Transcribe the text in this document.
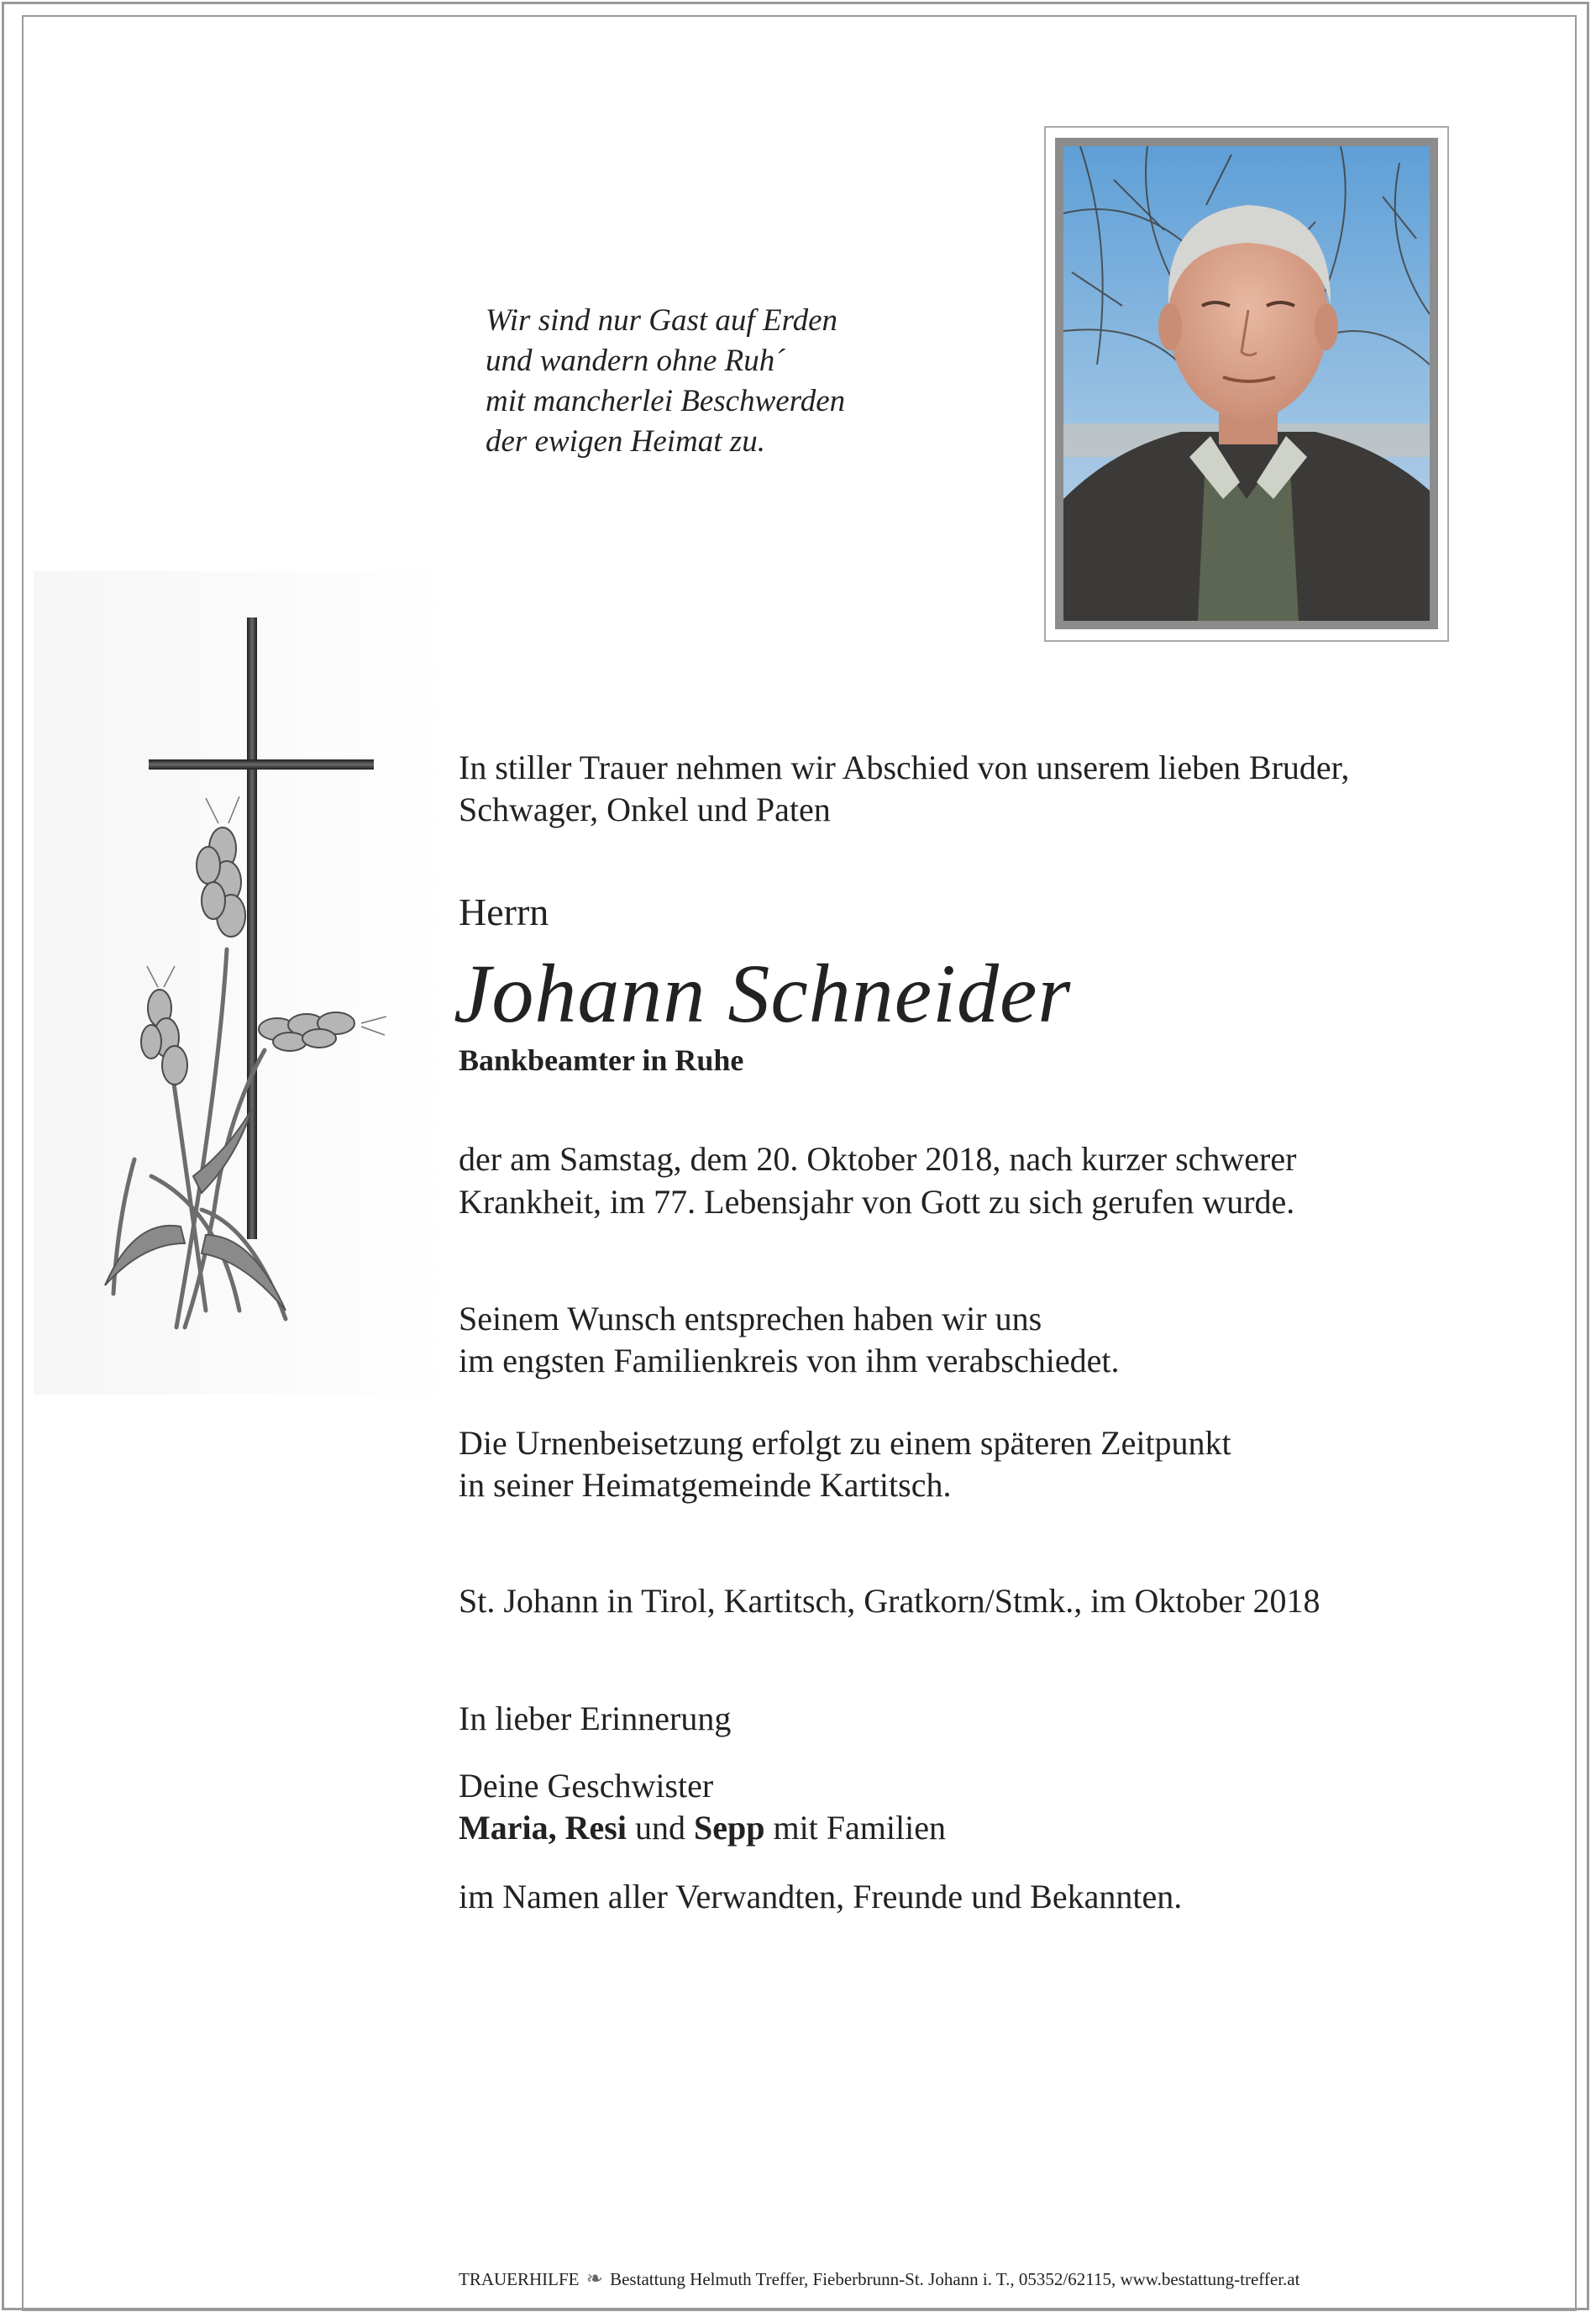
Wir sind nur Gast auf Erden
und wandern ohne Ruh´
mit mancherlei Beschwerden
der ewigen Heimat zu.
In stiller Trauer nehmen wir Abschied von unserem lieben Bruder,
Schwager, Onkel und Paten
Herrn
Johann Schneider
Bankbeamter in Ruhe
der am Samstag, dem 20. Oktober 2018, nach kurzer schwerer
Krankheit, im 77. Lebensjahr von Gott zu sich gerufen wurde.
Seinem Wunsch entsprechen haben wir uns
im engsten Familienkreis von ihm verabschiedet.
Die Urnenbeisetzung erfolgt zu einem späteren Zeitpunkt
in seiner Heimatgemeinde Kartitsch.
St. Johann in Tirol, Kartitsch, Gratkorn/Stmk., im Oktober 2018
In lieber Erinnerung
Deine Geschwister
Maria, Resi und Sepp mit Familien
im Namen aller Verwandten, Freunde und Bekannten.
TRAUERHILFE ❧ Bestattung Helmuth Treffer, Fieberbrunn-St. Johann i. T., 05352/62115, www.bestattung-treffer.at
